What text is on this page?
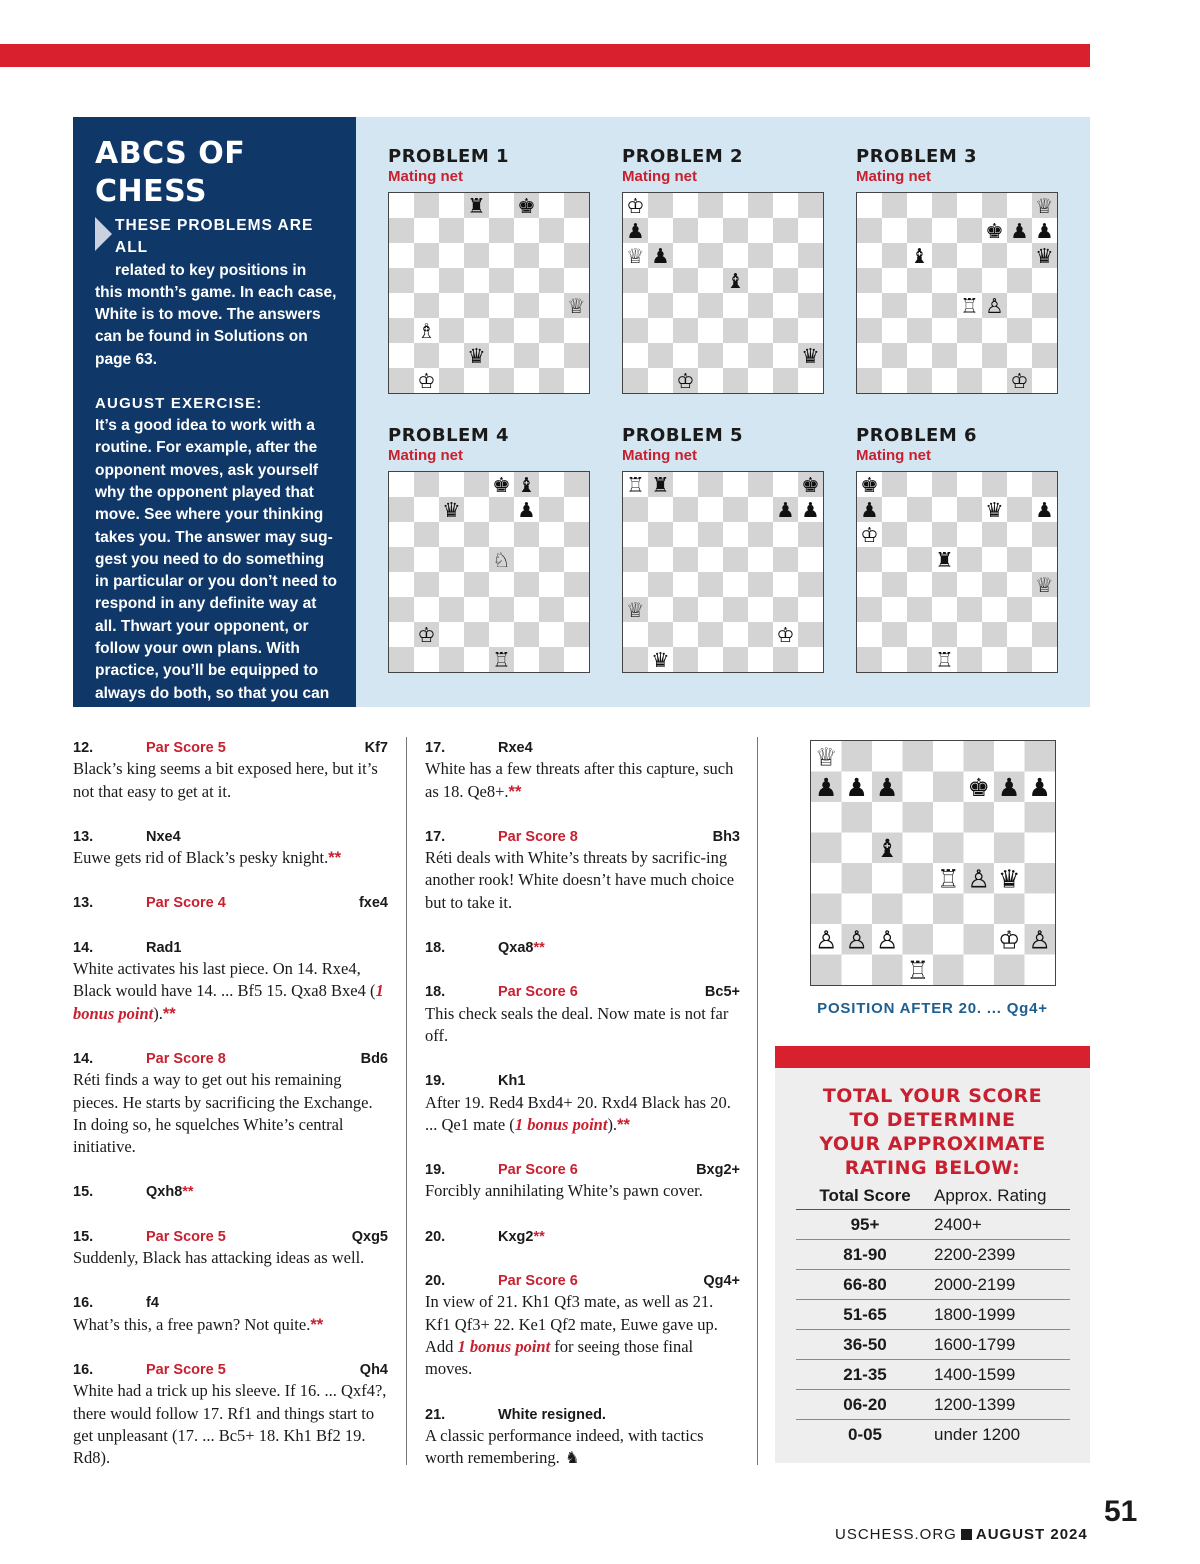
ABCS OF CHESS
THESE PROBLEMS ARE ALL
related to key positions in this month’s game. In each case, White is to move. The answers can be found in Solutions on page 63.
AUGUST EXERCISE:
It’s a good idea to work with a routine. For example, after the opponent moves, ask yourself why the opponent played that move. See where your thinking takes you. The answer may sug-gest you need to do something in particular or you don’t need to respond in any definite way at all. Thwart your opponent, or follow your own plans. With practice, you’ll be equipped to always do both, so that you can merge attack and defense on each move.
PROBLEM 1
Mating net
♜ ♚
♕
♗
♛
♔
PROBLEM 2
Mating net
♔
♟
♕ ♟
♝
♛
♔
PROBLEM 3
Mating net
♕
♚ ♟ ♟
♝	♛
♖ ♙
♔
PROBLEM 4
Mating net
♚ ♝
♛	♟
♘
♔
♖
PROBLEM 5
Mating net
♖ ♜	♚
♟ ♟
♕
♔
♛
PROBLEM 6
Mating net
♚
♟
♔
♛ ♟
♜
♕
♖
12.	Par Score 5	Kf7
Black’s king seems a bit exposed here, but it’s not that easy to get at it.
13.	Nxe4
Euwe gets rid of Black’s pesky knight.**
13.	Par Score 4	fxe4
14.	Rad1
White activates his last piece. On 14. Rxe4, Black would have 14. ... Bf5 15. Qxa8 Bxe4 (1 bonus point).**
14.	Par Score 8	Bd6
Réti finds a way to get out his remaining pieces. He starts by sacrificing the Exchange. In doing so, he squelches White’s central initiative.
15.	Qxh8**
15.	Par Score 5	Qxg5
Suddenly, Black has attacking ideas as well.
16.	f4
What’s this, a free pawn? Not quite.**
16.	Par Score 5	Qh4
White had a trick up his sleeve. If 16. ... Qxf4?, there would follow 17. Rf1 and things start to get unpleasant (17. ... Bc5+ 18. Kh1 Bf2 19. Rd8).
17.	Rxe4
White has a few threats after this capture, such as 18. Qe8+.**
17.	Par Score 8	Bh3
Réti deals with White’s threats by sacrific-ing another rook! White doesn’t have much choice but to take it.
18.	Qxa8**
18.	Par Score 6	Bc5+
This check seals the deal. Now mate is not far off.
19.	Kh1
After 19. Red4 Bxd4+ 20. Rxd4 Black has 20. ... Qe1 mate (1 bonus point).**
19.	Par Score 6	Bxg2+
Forcibly annihilating White’s pawn cover.
20.	Kxg2**
20.	Par Score 6	Qg4+
In view of 21. Kh1 Qf3 mate, as well as 21. Kf1 Qf3+ 22. Ke1 Qf2 mate, Euwe gave up. Add 1 bonus point for seeing those final moves.
21.	White resigned.
A classic performance indeed, with tactics worth remembering. ♞
♕
♟ ♟ ♟	♚ ♟ ♟
♝
♖ ♙ ♛
♙ ♙ ♙	♔ ♙
♖
POSITION AFTER 20. ... Qg4+
TOTAL YOUR SCORE
TO DETERMINE
YOUR APPROXIMATE
RATING BELOW:
Total Score	Approx. Rating
95+	2400+
81-90	2200-2399
66-80	2000-2199
51-65	1800-1999
36-50	1600-1799
21-35	1400-1599
06-20	1200-1399
0-05	under 1200
USCHESS.ORG AUGUST 2024
51
